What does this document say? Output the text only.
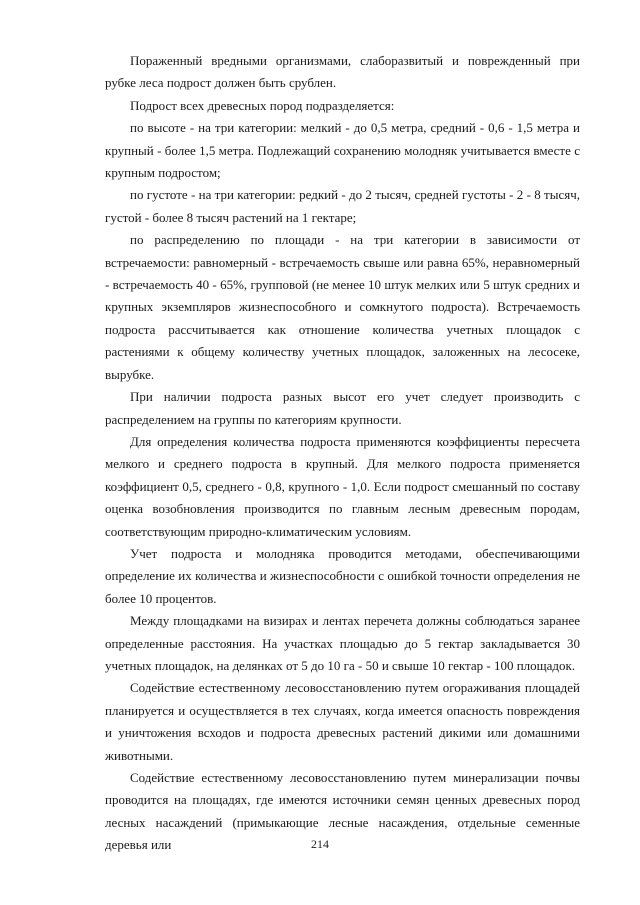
Пораженный вредными организмами, слаборазвитый и поврежденный при рубке леса подрост должен быть срублен.

Подрост всех древесных пород подразделяется:

по высоте - на три категории: мелкий - до 0,5 метра, средний - 0,6 - 1,5 метра и крупный - более 1,5 метра. Подлежащий сохранению молодняк учитывается вместе с крупным подростом;

по густоте - на три категории: редкий - до 2 тысяч, средней густоты - 2 - 8 тысяч, густой - более 8 тысяч растений на 1 гектаре;

по распределению по площади - на три категории в зависимости от встречаемости: равномерный - встречаемость свыше или равна 65%, неравномерный - встречаемость 40 - 65%, групповой (не менее 10 штук мелких или 5 штук средних и крупных экземпляров жизнеспособного и сомкнутого подроста). Встречаемость подроста рассчитывается как отношение количества учетных площадок с растениями к общему количеству учетных площадок, заложенных на лесосеке, вырубке.

При наличии подроста разных высот его учет следует производить с распределением на группы по категориям крупности.

Для определения количества подроста применяются коэффициенты пересчета мелкого и среднего подроста в крупный. Для мелкого подроста применяется коэффициент 0,5, среднего - 0,8, крупного - 1,0. Если подрост смешанный по составу оценка возобновления производится по главным лесным древесным породам, соответствующим природно-климатическим условиям.

Учет подроста и молодняка проводится методами, обеспечивающими определение их количества и жизнеспособности с ошибкой точности определения не более 10 процентов.

Между площадками на визирах и лентах перечета должны соблюдаться заранее определенные расстояния. На участках площадью до 5 гектар закладывается 30 учетных площадок, на делянках от 5 до 10 га - 50 и свыше 10 гектар - 100 площадок.

Содействие естественному лесовосстановлению путем огораживания площадей планируется и осуществляется в тех случаях, когда имеется опасность повреждения и уничтожения всходов и подроста древесных растений дикими или домашними животными.

Содействие естественному лесовосстановлению путем минерализации почвы проводится на площадях, где имеются источники семян ценных древесных пород лесных насаждений (примыкающие лесные насаждения, отдельные семенные деревья или	214
